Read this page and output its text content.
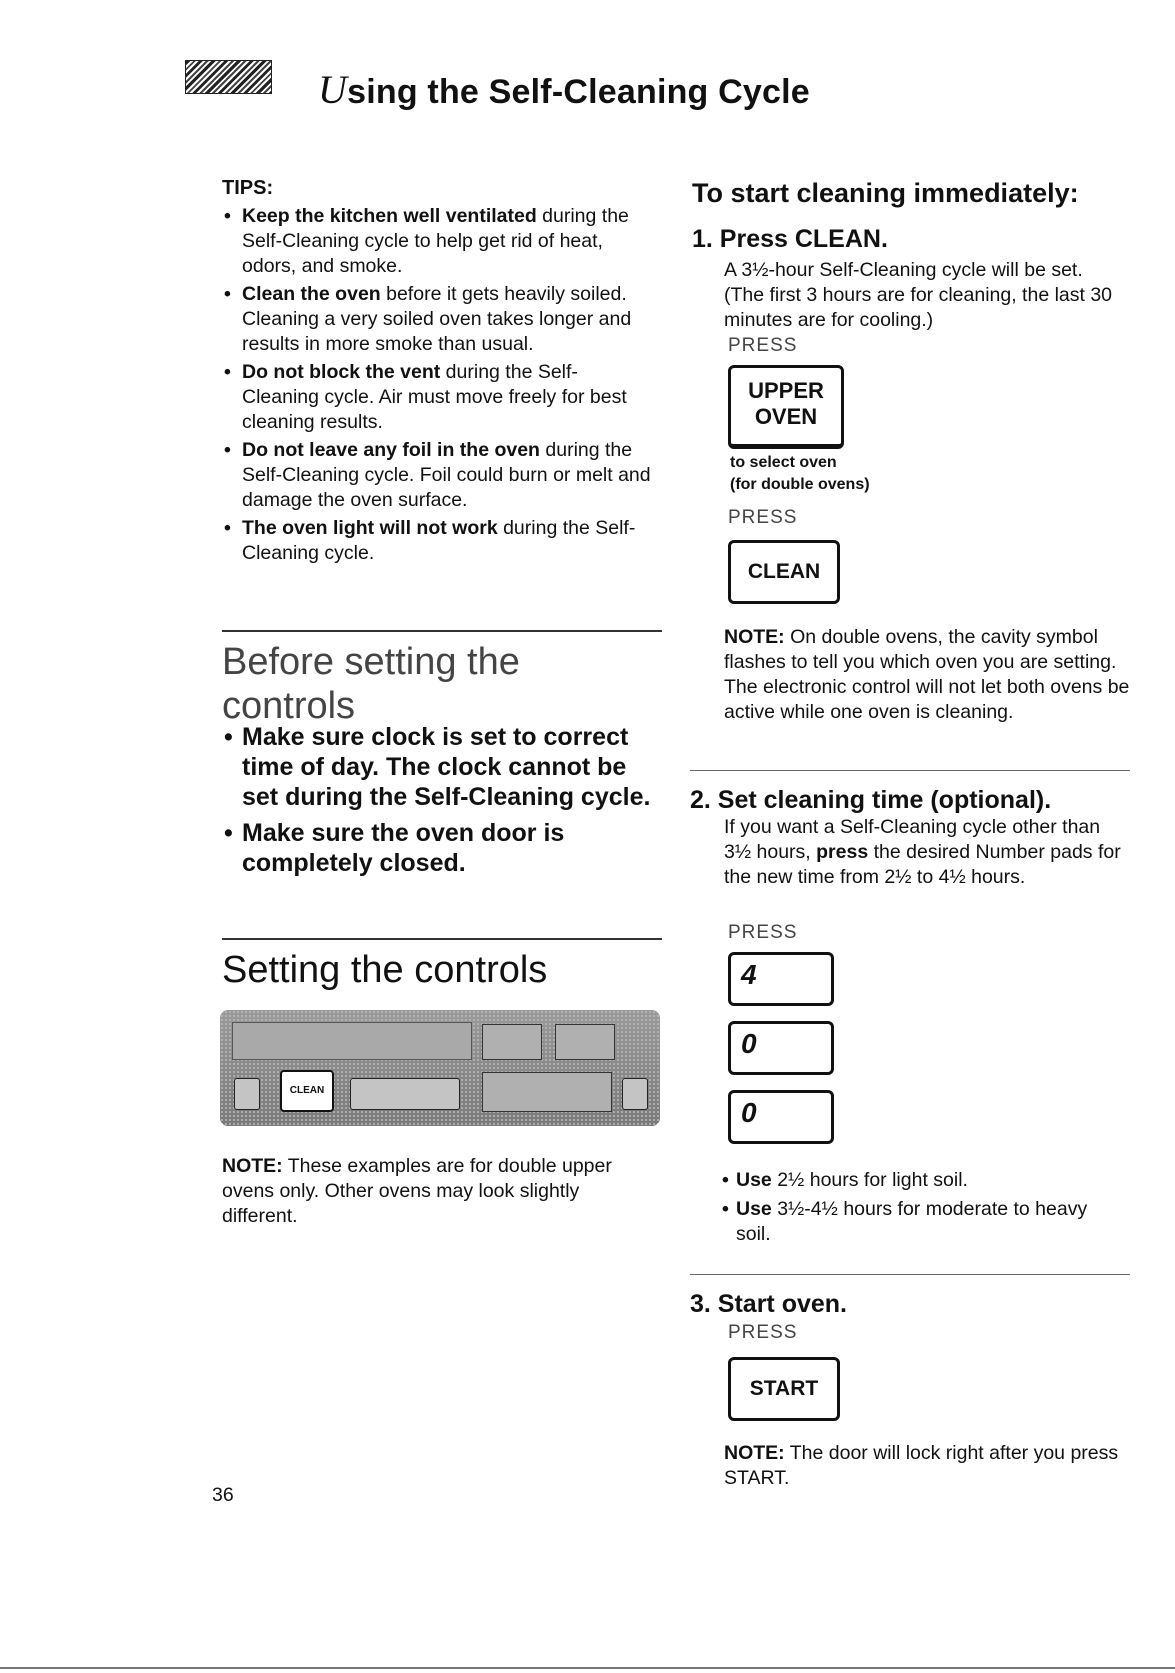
Using the Self-Cleaning Cycle
TIPS:
• Keep the kitchen well ventilated during the Self-Cleaning cycle to help get rid of heat, odors, and smoke.
• Clean the oven before it gets heavily soiled. Cleaning a very soiled oven takes longer and results in more smoke than usual.
• Do not block the vent during the Self-Cleaning cycle. Air must move freely for best cleaning results.
• Do not leave any foil in the oven during the Self-Cleaning cycle. Foil could burn or melt and damage the oven surface.
• The oven light will not work during the Self-Cleaning cycle.
Before setting the controls
• Make sure clock is set to correct time of day. The clock cannot be set during the Self-Cleaning cycle.
• Make sure the oven door is completely closed.
Setting the controls
CLEAN
NOTE: These examples are for double upper ovens only. Other ovens may look slightly different.
36
To start cleaning immediately:
1. Press CLEAN.
A 3½-hour Self-Cleaning cycle will be set. (The first 3 hours are for cleaning, the last 30 minutes are for cooling.)
PRESS
UPPER
OVEN
to select oven
(for double ovens)
PRESS
CLEAN
NOTE: On double ovens, the cavity symbol flashes to tell you which oven you are setting. The electronic control will not let both ovens be active while one oven is cleaning.
2. Set cleaning time (optional).
If you want a Self-Cleaning cycle other than 3½ hours, press the desired Number pads for the new time from 2½ to 4½ hours.
PRESS
4
0
0
• Use 2½ hours for light soil.
• Use 3½-4½ hours for moderate to heavy soil.
3. Start oven.
PRESS
START
NOTE: The door will lock right after you press START.
